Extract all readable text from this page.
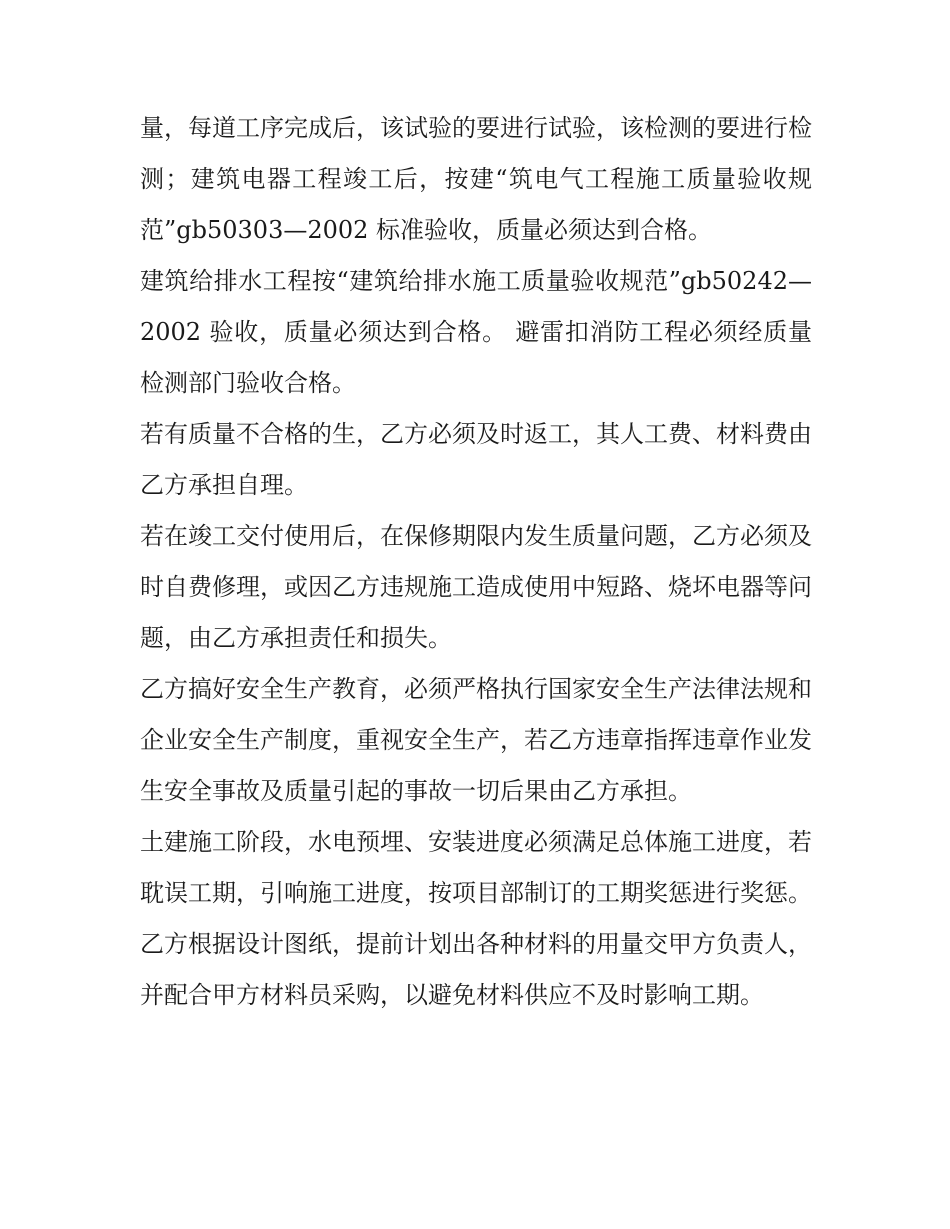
量，每道工序完成后，该试验的要进行试验，该检测的要进行检测；建筑电器工程竣工后，按建“筑电气工程施工质量验收规范”gb50303—2002 标准验收，质量必须达到合格。

建筑给排水工程按“建筑给排水施工质量验收规范”gb50242—2002 验收，质量必须达到合格。 避雷扣消防工程必须经质量检测部门验收合格。

若有质量不合格的生，乙方必须及时返工，其人工费、材料费由乙方承担自理。

若在竣工交付使用后，在保修期限内发生质量问题，乙方必须及时自费修理，或因乙方违规施工造成使用中短路、烧坏电器等问题，由乙方承担责任和损失。

乙方搞好安全生产教育，必须严格执行国家安全生产法律法规和企业安全生产制度，重视安全生产，若乙方违章指挥违章作业发生安全事故及质量引起的事故一切后果由乙方承担。

土建施工阶段，水电预埋、安装进度必须满足总体施工进度，若耽误工期，引响施工进度，按项目部制订的工期奖惩进行奖惩。

乙方根据设计图纸，提前计划出各种材料的用量交甲方负责人，并配合甲方材料员采购，以避免材料供应不及时影响工期。
